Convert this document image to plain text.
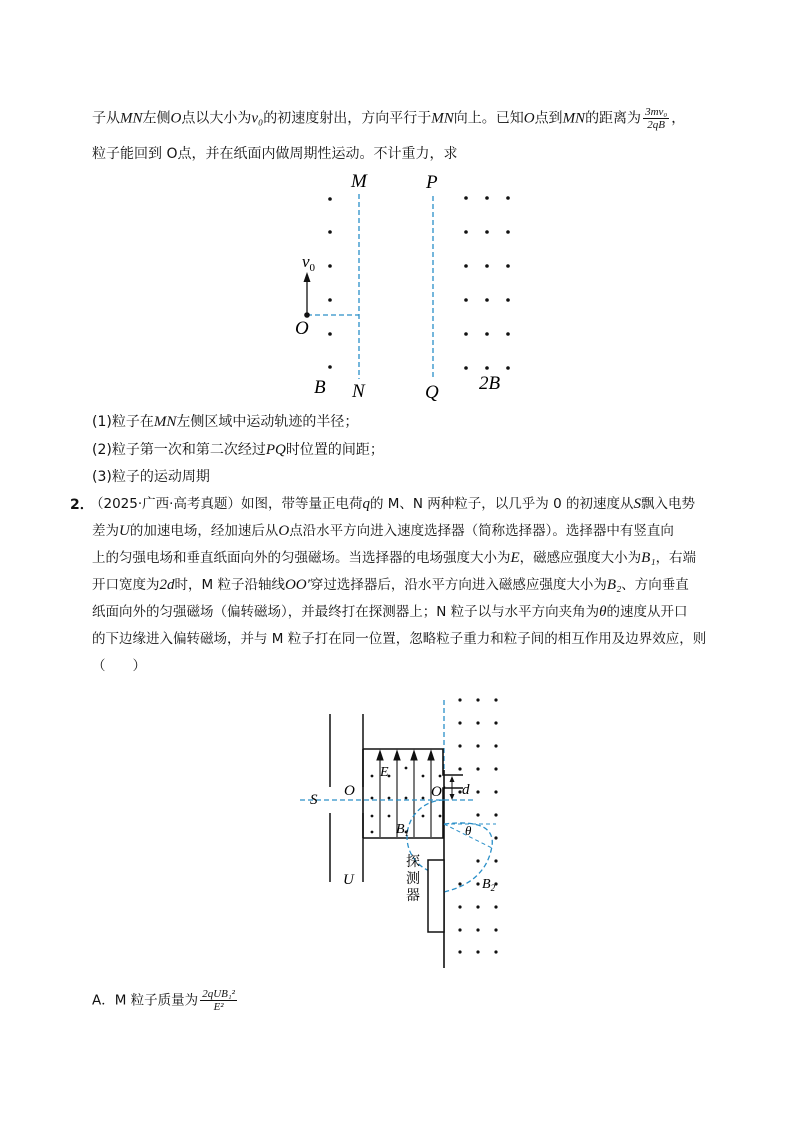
子从MN左侧O点以大小为v₀的初速度射出，方向平行于MN向上。已知O点到MN的距离为 $\frac{\text{3mv₀}}{2qB}$ ，
粒子能回到 O点，并在纸面内做周期性运动。不计重力，求
M	P
$v_0$
O
B N	Q 2B
(1)粒子在MN左侧区域中运动轨迹的半径；
(2)粒子第一次和第二次经过PQ时位置的间距；
(3)粒子的运动周期
2．
（2025·广西·高考真题）如图，带等量正电荷q的 M、N 两种粒子，以几乎为 0 的初速度从S飘入电势
差为U的加速电场，经加速后从O点沿水平方向进入速度选择器（简称选择器）。选择器中有竖直向
上的匀强电场和垂直纸面向外的匀强磁场。当选择器的电场强度大小为E，磁感应强度大小为B₁，右端
开口宽度为2d时，M 粒子沿轴线OO′穿过选择器后，沿水平方向进入磁感应强度大小为B₂、方向垂直
纸面向外的匀强磁场（偏转磁场），并最终打在探测器上；N 粒子以与水平方向夹角为θ的速度从开口
的下边缘进入偏转磁场，并与 M 粒子打在同一位置，忽略粒子重力和粒子间的相互作用及边界效应，则
（　　）
S
O
E
$B_1$
O′ d
θ
U
探
测
器
$B_2$
A．M 粒子质量为 $\frac{\text{2qUB₁²}}{\text{E²}}$
